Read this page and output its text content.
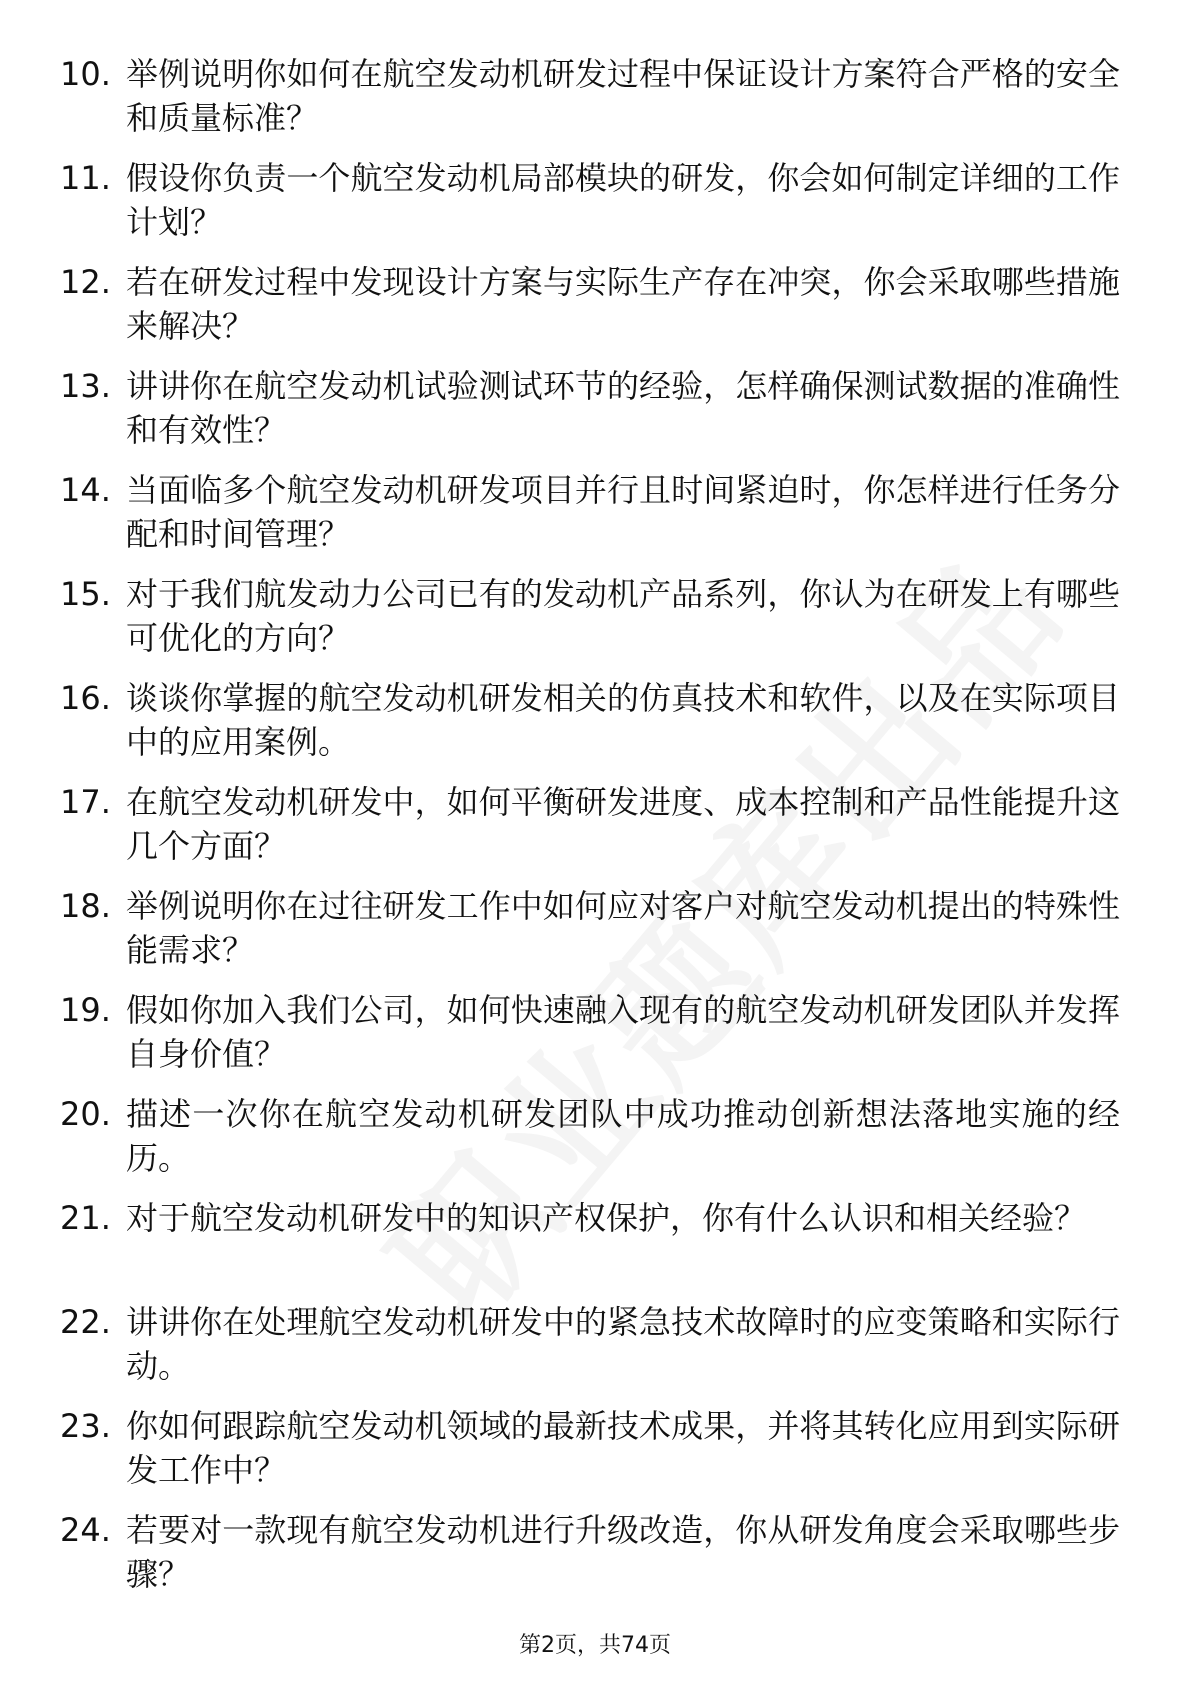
10. 举例说明你如何在航空发动机研发过程中保证设计方案符合严格的安全和质量标准？
11. 假设你负责一个航空发动机局部模块的研发，你会如何制定详细的工作计划？
12. 若在研发过程中发现设计方案与实际生产存在冲突，你会采取哪些措施来解决？
13. 讲讲你在航空发动机试验测试环节的经验，怎样确保测试数据的准确性和有效性？
14. 当面临多个航空发动机研发项目并行且时间紧迫时，你怎样进行任务分配和时间管理？
15. 对于我们航发动力公司已有的发动机产品系列，你认为在研发上有哪些可优化的方向？
16. 谈谈你掌握的航空发动机研发相关的仿真技术和软件，以及在实际项目中的应用案例。
17. 在航空发动机研发中，如何平衡研发进度、成本控制和产品性能提升这几个方面？
18. 举例说明你在过往研发工作中如何应对客户对航空发动机提出的特殊性能需求？
19. 假如你加入我们公司，如何快速融入现有的航空发动机研发团队并发挥自身价值？
20. 描述一次你在航空发动机研发团队中成功推动创新想法落地实施的经历。
21. 对于航空发动机研发中的知识产权保护，你有什么认识和相关经验？
22. 讲讲你在处理航空发动机研发中的紧急技术故障时的应变策略和实际行动。
23. 你如何跟踪航空发动机领域的最新技术成果，并将其转化应用到实际研发工作中？
24. 若要对一款现有航空发动机进行升级改造，你从研发角度会采取哪些步骤？
第2页，共74页
